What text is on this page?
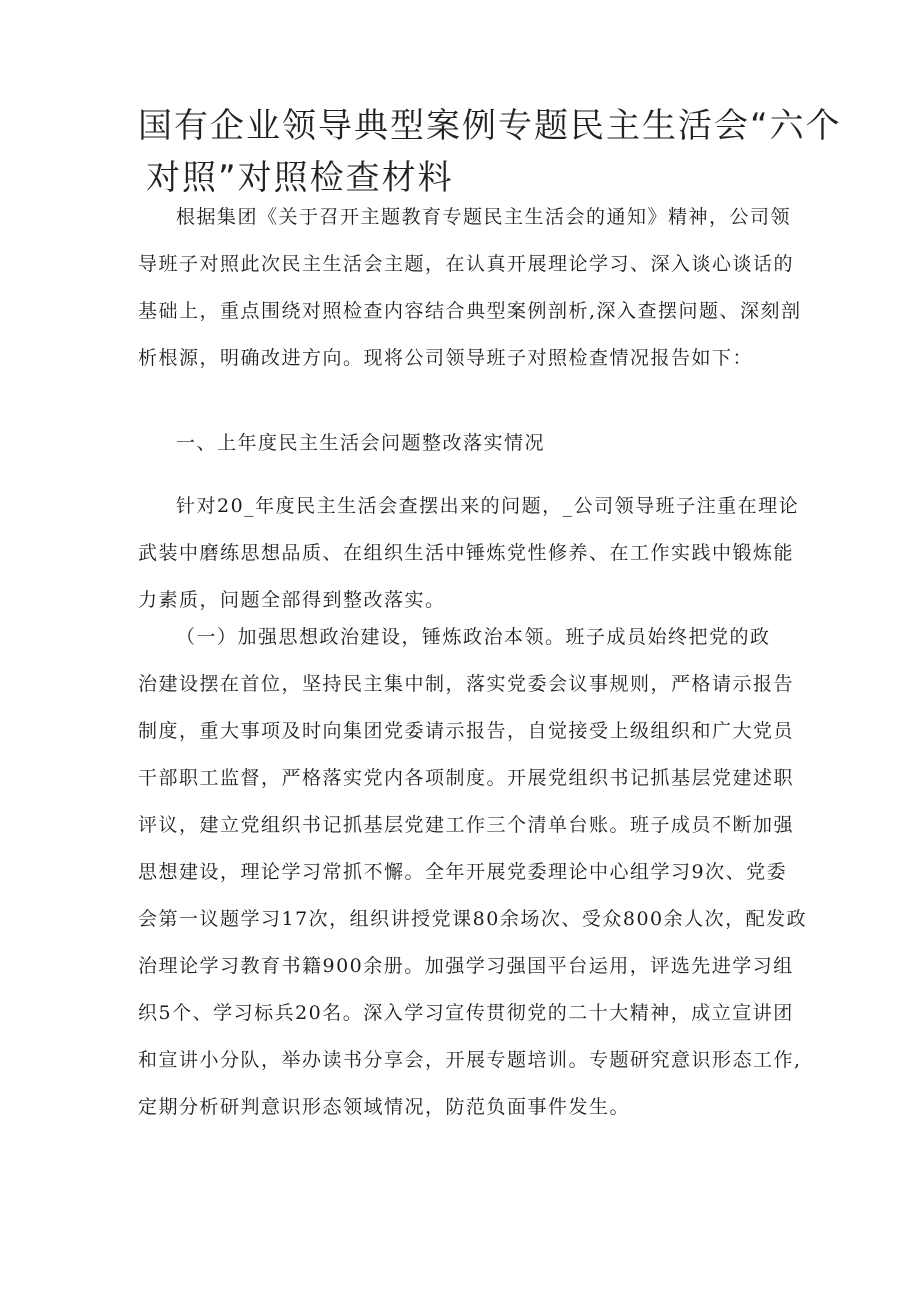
国有企业领导典型案例专题民主生活会“六个
对照”对照检查材料

根据集团《关于召开主题教育专题民主生活会的通知》精神，公司领
导班子对照此次民主生活会主题，在认真开展理论学习、深入谈心谈话的
基础上，重点围绕对照检查内容结合典型案例剖析,深入查摆问题、深刻剖
析根源，明确改进方向。现将公司领导班子对照检查情况报告如下：

一、上年度民主生活会问题整改落实情况

针对20_年度民主生活会查摆出来的问题，_公司领导班子注重在理论
武装中磨练思想品质、在组织生活中锤炼党性修养、在工作实践中锻炼能
力素质，问题全部得到整改落实。

（一）加强思想政治建设，锤炼政治本领。班子成员始终把党的政
治建设摆在首位，坚持民主集中制，落实党委会议事规则，严格请示报告
制度，重大事项及时向集团党委请示报告，自觉接受上级组织和广大党员
干部职工监督，严格落实党内各项制度。开展党组织书记抓基层党建述职
评议，建立党组织书记抓基层党建工作三个清单台账。班子成员不断加强
思想建设，理论学习常抓不懈。全年开展党委理论中心组学习9次、党委
会第一议题学习17次，组织讲授党课80余场次、受众800余人次，配发政
治理论学习教育书籍900余册。加强学习强国平台运用，评选先进学习组
织5个、学习标兵20名。深入学习宣传贯彻党的二十大精神，成立宣讲团
和宣讲小分队，举办读书分享会，开展专题培训。专题研究意识形态工作,
定期分析研判意识形态领域情况，防范负面事件发生。
